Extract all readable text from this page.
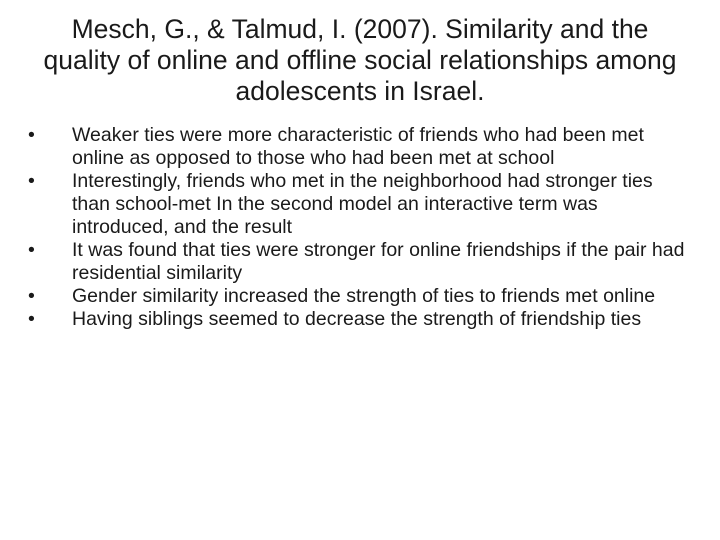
Mesch, G., & Talmud, I. (2007). Similarity and the quality of online and offline social relationships among adolescents in Israel.
•	Weaker ties were more characteristic of friends who had been met online as opposed to those who had been met at school
•	Interestingly, friends who met in the neighborhood had stronger ties than school-met In the second model an interactive term was introduced, and the result
•	It was found that ties were stronger for online friendships if the pair had residential similarity
•	Gender similarity increased the strength of ties to friends met online
•	Having siblings seemed to decrease the strength of friendship ties
